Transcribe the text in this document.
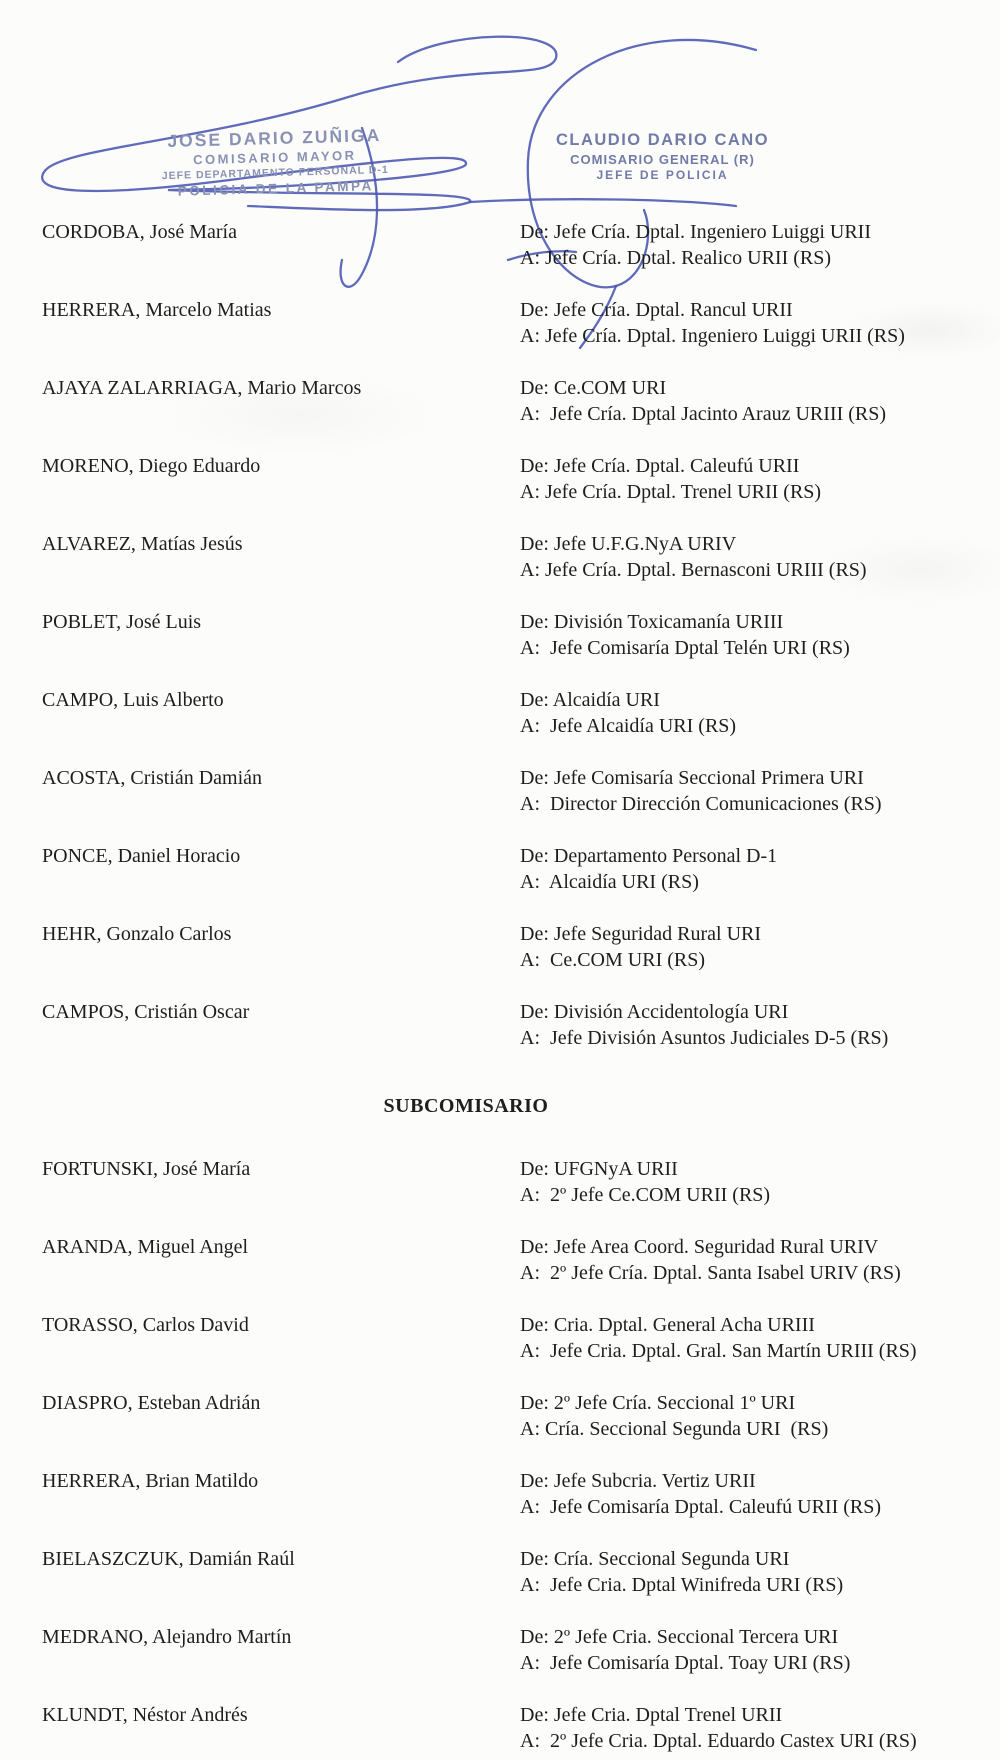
JOSE DARIO ZUÑIGA
COMISARIO MAYOR
JEFE DEPARTAMENTO PERSONAL D-1
POLICIA DE LA PAMPA
CLAUDIO DARIO CANO
COMISARIO GENERAL (R)
JEFE DE POLICIA
CORDOBA, José María	De: Jefe Cría. Dptal. Ingeniero Luiggi URII
A: Jefe Cría. Dptal. Realico URII (RS)
HERRERA, Marcelo Matias	De: Jefe Cría. Dptal. Rancul URII
A: Jefe Cría. Dptal. Ingeniero Luiggi URII (RS)
AJAYA ZALARRIAGA, Mario Marcos	De: Ce.COM URI
A:  Jefe Cría. Dptal Jacinto Arauz URIII (RS)
MORENO, Diego Eduardo	De: Jefe Cría. Dptal. Caleufú URII
A: Jefe Cría. Dptal. Trenel URII (RS)
ALVAREZ, Matías Jesús	De: Jefe U.F.G.NyA URIV
A: Jefe Cría. Dptal. Bernasconi URIII (RS)
POBLET, José Luis	De: División Toxicamanía URIII
A:  Jefe Comisaría Dptal Telén URI (RS)
CAMPO, Luis Alberto	De: Alcaidía URI
A:  Jefe Alcaidía URI (RS)
ACOSTA, Cristián Damián	De: Jefe Comisaría Seccional Primera URI
A:  Director Dirección Comunicaciones (RS)
PONCE, Daniel Horacio	De: Departamento Personal D-1
A:  Alcaidía URI (RS)
HEHR, Gonzalo Carlos	De: Jefe Seguridad Rural URI
A:  Ce.COM URI (RS)
CAMPOS, Cristián Oscar	De: División Accidentología URI
A:  Jefe División Asuntos Judiciales D-5 (RS)
SUBCOMISARIO
FORTUNSKI, José María	De: UFGNyA URII
A:  2º Jefe Ce.COM URII (RS)
ARANDA, Miguel Angel	De: Jefe Area Coord. Seguridad Rural URIV
A:  2º Jefe Cría. Dptal. Santa Isabel URIV (RS)
TORASSO, Carlos David	De: Cria. Dptal. General Acha URIII
A:  Jefe Cria. Dptal. Gral. San Martín URIII (RS)
DIASPRO, Esteban Adrián	De: 2º Jefe Cría. Seccional 1º URI
A: Cría. Seccional Segunda URI  (RS)
HERRERA, Brian Matildo	De: Jefe Subcria. Vertiz URII
A:  Jefe Comisaría Dptal. Caleufú URII (RS)
BIELASZCZUK, Damián Raúl	De: Cría. Seccional Segunda URI
A:  Jefe Cria. Dptal Winifreda URI (RS)
MEDRANO, Alejandro Martín	De: 2º Jefe Cria. Seccional Tercera URI
A:  Jefe Comisaría Dptal. Toay URI (RS)
KLUNDT, Néstor Andrés	De: Jefe Cria. Dptal Trenel URII
A:  2º Jefe Cria. Dptal. Eduardo Castex URI (RS)
